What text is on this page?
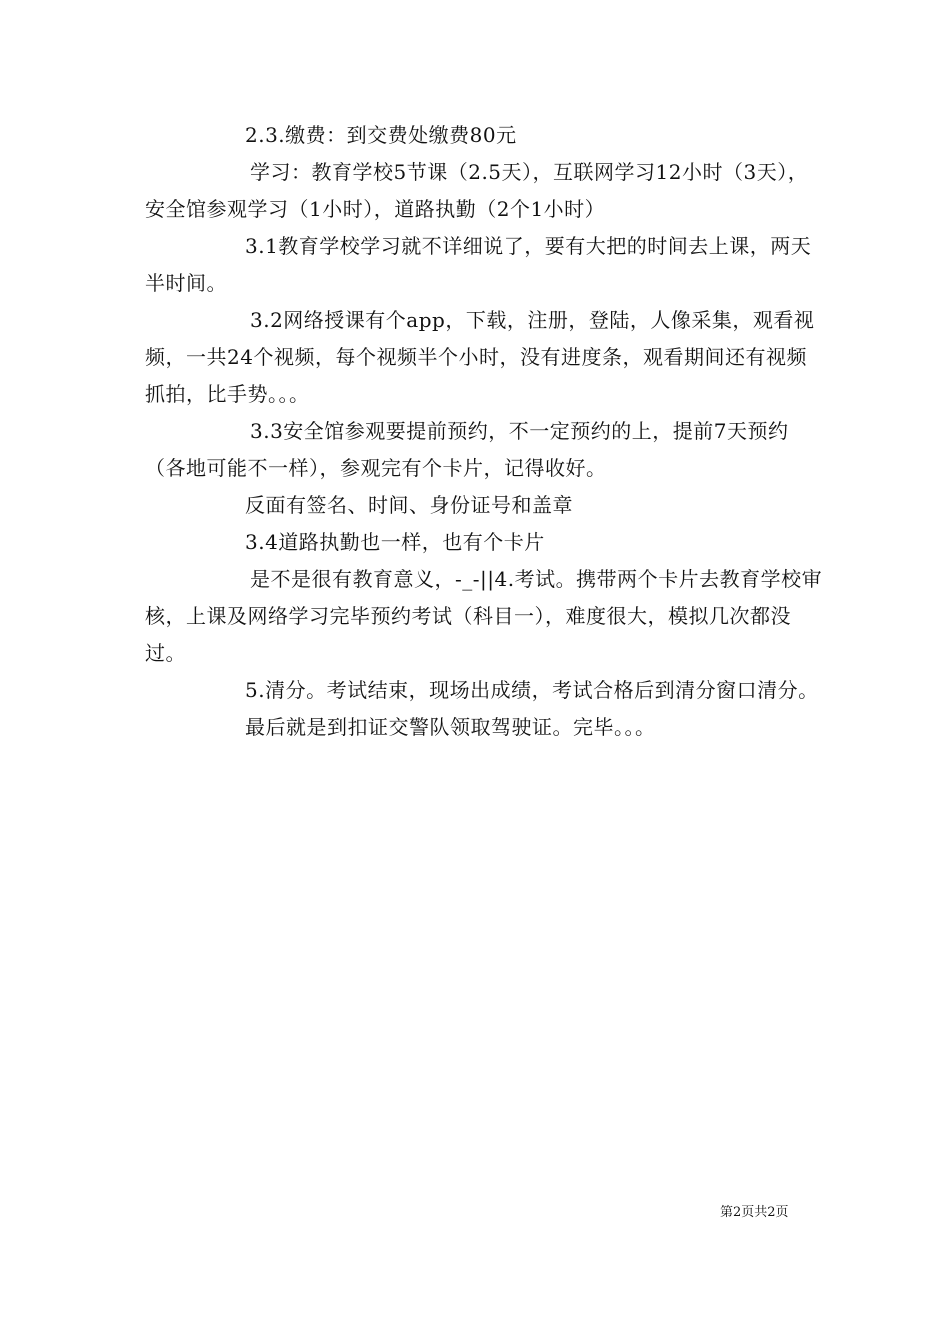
2.3.缴费：到交费处缴费80元

学习：教育学校5节课（2.5天），互联网学习12小时（3天），安全馆参观学习（1小时），道路执勤（2个1小时）

3.1教育学校学习就不详细说了，要有大把的时间去上课，两天半时间。

3.2网络授课有个app，下载，注册，登陆，人像采集，观看视频，一共24个视频，每个视频半个小时，没有进度条，观看期间还有视频抓拍，比手势。。。

3.3安全馆参观要提前预约，不一定预约的上，提前7天预约（各地可能不一样），参观完有个卡片，记得收好。

反面有签名、时间、身份证号和盖章

3.4道路执勤也一样，也有个卡片

是不是很有教育意义，-_-||4.考试。携带两个卡片去教育学校审核，上课及网络学习完毕预约考试（科目一），难度很大，模拟几次都没过。

5.清分。考试结束，现场出成绩，考试合格后到清分窗口清分。

最后就是到扣证交警队领取驾驶证。完毕。。。

第2页共2页
